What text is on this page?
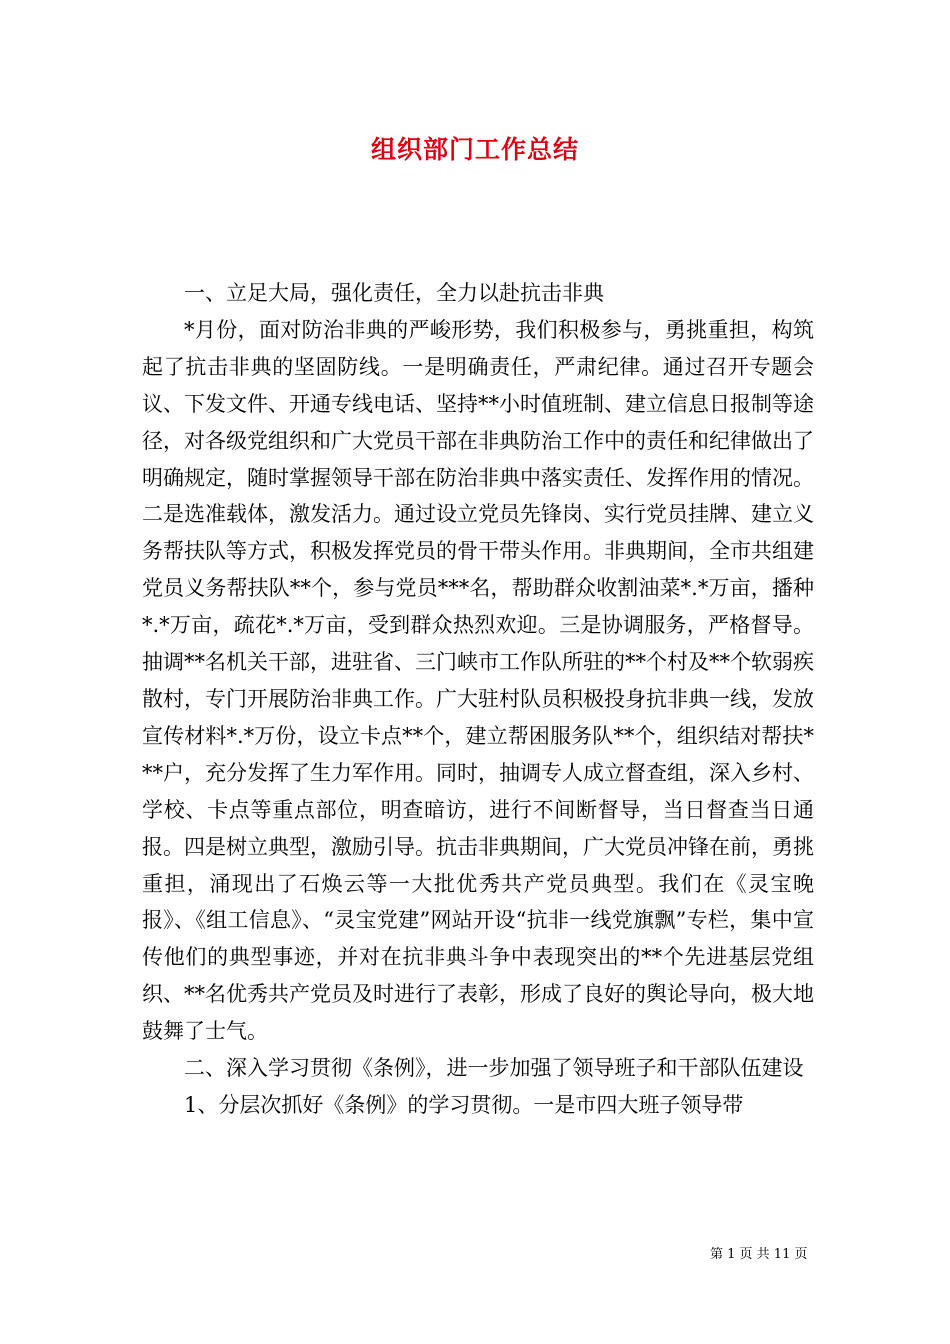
组织部门工作总结

一、立足大局，强化责任，全力以赴抗击非典

*月份，面对防治非典的严峻形势，我们积极参与，勇挑重担，构筑起了抗击非典的坚固防线。一是明确责任，严肃纪律。通过召开专题会议、下发文件、开通专线电话、坚持**小时值班制、建立信息日报制等途径，对各级党组织和广大党员干部在非典防治工作中的责任和纪律做出了明确规定，随时掌握领导干部在防治非典中落实责任、发挥作用的情况。二是选准载体，激发活力。通过设立党员先锋岗、实行党员挂牌、建立义务帮扶队等方式，积极发挥党员的骨干带头作用。非典期间，全市共组建党员义务帮扶队**个，参与党员***名，帮助群众收割油菜*.*万亩，播种*.*万亩，疏花*.*万亩，受到群众热烈欢迎。三是协调服务，严格督导。抽调**名机关干部，进驻省、三门峡市工作队所驻的**个村及**个软弱疾散村，专门开展防治非典工作。广大驻村队员积极投身抗非典一线，发放宣传材料*.*万份，设立卡点**个，建立帮困服务队**个，组织结对帮扶***户，充分发挥了生力军作用。同时，抽调专人成立督查组，深入乡村、学校、卡点等重点部位，明查暗访，进行不间断督导，当日督查当日通报。四是树立典型，激励引导。抗击非典期间，广大党员冲锋在前，勇挑重担，涌现出了石焕云等一大批优秀共产党员典型。我们在《灵宝晚报》、《组工信息》、“灵宝党建”网站开设“抗非一线党旗飘”专栏，集中宣传他们的典型事迹，并对在抗非典斗争中表现突出的**个先进基层党组织、**名优秀共产党员及时进行了表彰，形成了良好的舆论导向，极大地鼓舞了士气。

二、深入学习贯彻《条例》，进一步加强了领导班子和干部队伍建设

1、分层次抓好《条例》的学习贯彻。一是市四大班子领导带

第 1 页 共 11 页
